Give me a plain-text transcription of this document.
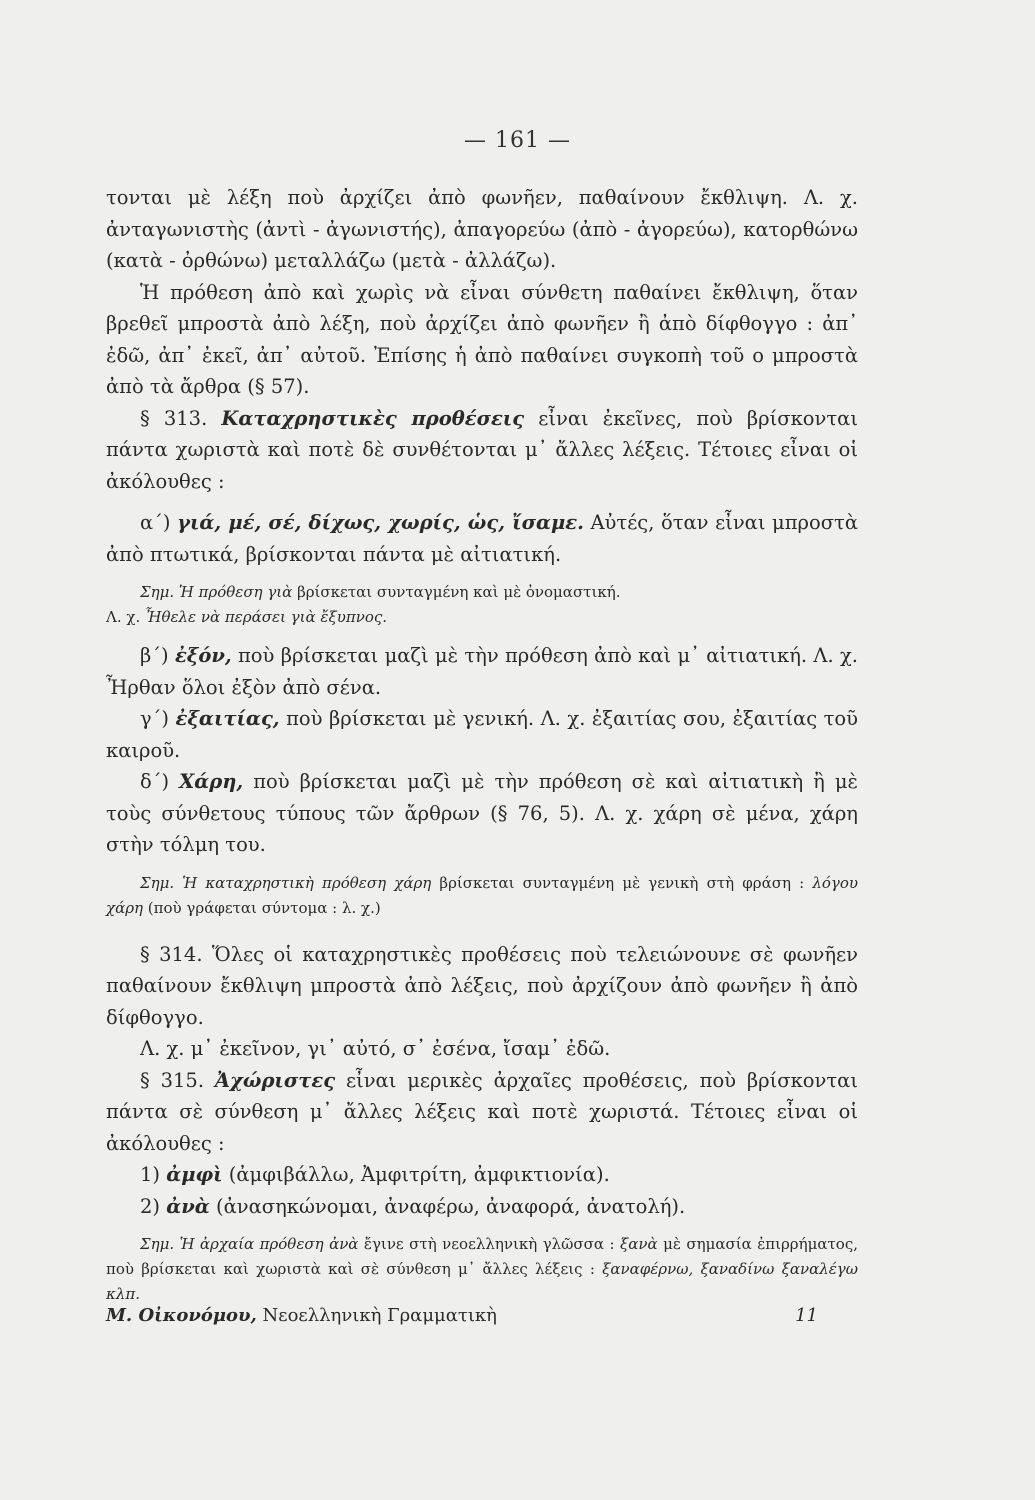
— 161 —

τονται μὲ λέξη ποὺ ἀρχίζει ἀπὸ φωνῆεν, παθαίνουν ἔκθλιψη. Λ. χ. ἀνταγωνιστὴς (ἀντὶ - ἀγωνιστής), ἀπαγορεύω (ἀπὸ - ἀγορεύω), κατορθώνω (κατὰ - ὀρθώνω) μεταλλάζω (μετὰ - ἀλλάζω).

Ἡ πρόθεση ἀπὸ καὶ χωρὶς νὰ εἶναι σύνθετη παθαίνει ἔκθλιψη, ὅταν βρεθεῖ μπροστὰ ἀπὸ λέξη, ποὺ ἀρχίζει ἀπὸ φωνῆεν ἢ ἀπὸ δίφθογγο : ἀπ᾽ ἐδῶ, ἀπ᾽ ἐκεῖ, ἀπ᾽ αὐτοῦ. Ἐπίσης ἡ ἀπὸ παθαίνει συγκοπὴ τοῦ ο μπροστὰ ἀπὸ τὰ ἄρθρα (§ 57).

§ 313. Καταχρηστικὲς προθέσεις εἶναι ἐκεῖνες, ποὺ βρίσκονται πάντα χωριστὰ καὶ ποτὲ δὲ συνθέτονται μ᾽ ἄλλες λέξεις. Τέτοιες εἶναι οἱ ἀκόλουθες :

α΄) γιά, μέ, σέ, δίχως, χωρίς, ὡς, ἴσαμε. Αὐτές, ὅταν εἶναι μπροστὰ ἀπὸ πτωτικά, βρίσκονται πάντα μὲ αἰτιατική.

Σημ. Ἡ πρόθεση γιὰ βρίσκεται συνταγμένη καὶ μὲ ὀνομαστική.
Λ. χ. Ἦθελε νὰ περάσει γιὰ ἔξυπνος.

β΄) ἐξόν, ποὺ βρίσκεται μαζὶ μὲ τὴν πρόθεση ἀπὸ καὶ μ᾽ αἰτιατική. Λ. χ. Ἦρθαν ὅλοι ἐξὸν ἀπὸ σένα.

γ΄) ἐξαιτίας, ποὺ βρίσκεται μὲ γενική. Λ. χ. ἐξαιτίας σου, ἐξαιτίας τοῦ καιροῦ.

δ΄) Χάρη, ποὺ βρίσκεται μαζὶ μὲ τὴν πρόθεση σὲ καὶ αἰτιατικὴ ἢ μὲ τοὺς σύνθετους τύπους τῶν ἄρθρων (§ 76, 5). Λ. χ. χάρη σὲ μένα, χάρη στὴν τόλμη του.

Σημ. Ἡ καταχρηστικὴ πρόθεση χάρη βρίσκεται συνταγμένη μὲ γενικὴ στὴ φράση : λόγου χάρη (ποὺ γράφεται σύντομα : λ. χ.)

§ 314. Ὅλες οἱ καταχρηστικὲς προθέσεις ποὺ τελειώνουνε σὲ φωνῆεν παθαίνουν ἔκθλιψη μπροστὰ ἀπὸ λέξεις, ποὺ ἀρχίζουν ἀπὸ φωνῆεν ἢ ἀπὸ δίφθογγο.

Λ. χ. μ᾽ ἐκεῖνον, γι᾽ αὐτό, σ᾽ ἐσένα, ἴσαμ᾽ ἐδῶ.

§ 315. Ἀχώριστες εἶναι μερικὲς ἀρχαῖες προθέσεις, ποὺ βρίσκονται πάντα σὲ σύνθεση μ᾽ ἄλλες λέξεις καὶ ποτὲ χωριστά. Τέτοιες εἶναι οἱ ἀκόλουθες :

1) ἀμφὶ (ἀμφιβάλλω, Ἀμφιτρίτη, ἀμφικτιονία).

2) ἀνὰ (ἀνασηκώνομαι, ἀναφέρω, ἀναφορά, ἀνατολή).

Σημ. Ἡ ἀρχαία πρόθεση ἀνὰ ἔγινε στὴ νεοελληνικὴ γλῶσσα : ξανὰ μὲ σημασία ἐπιρρήματος, ποὺ βρίσκεται καὶ χωριστὰ καὶ σὲ σύνθεση μ᾽ ἄλλες λέξεις : ξαναφέρνω, ξαναδίνω ξαναλέγω κλπ.

Μ. Οἰκονόμου, Νεοελληνικὴ Γραμματικὴ	11
